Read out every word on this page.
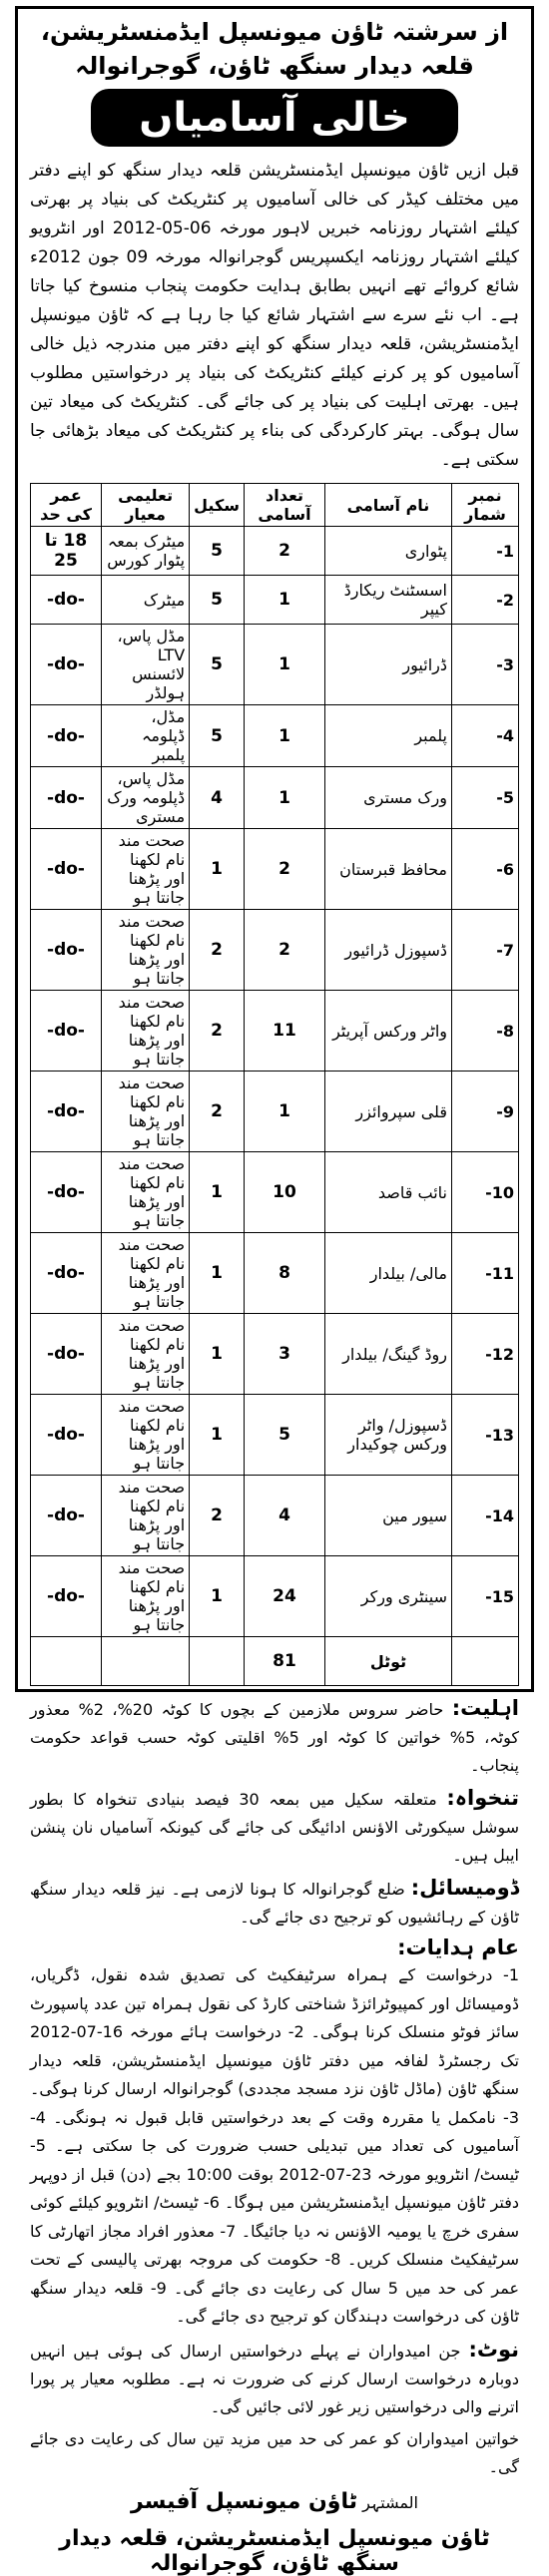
از سرشتہ ٹاؤن میونسپل ایڈمنسٹریشن، قلعہ دیدار سنگھ ٹاؤن، گوجرانوالہ
خالی آسامیاں

قبل ازیں ٹاؤن میونسپل ایڈمنسٹریشن قلعہ دیدار سنگھ کو اپنے دفتر میں مختلف کیڈر کی خالی آسامیوں پر کنٹریکٹ کی بنیاد پر بھرتی کیلئے اشتہار روزنامہ خبریں لاہور مورخہ 06-05-2012 اور انٹرویو کیلئے اشتہار روزنامہ ایکسپریس گوجرانوالہ مورخہ 09 جون 2012ء شائع کروائے تھے انہیں بطابق ہدایت حکومت پنجاب منسوخ کیا جاتا ہے۔ اب نئے سرے سے اشتہار شائع کیا جا رہا ہے کہ ٹاؤن میونسپل ایڈمنسٹریشن، قلعہ دیدار سنگھ کو اپنے دفتر میں مندرجہ ذیل خالی آسامیوں کو پر کرنے کیلئے کنٹریکٹ کی بنیاد پر درخواستیں مطلوب ہیں۔ بھرتی اہلیت کی بنیاد پر کی جائے گی۔ کنٹریکٹ کی میعاد تین سال ہوگی۔ بہتر کارکردگی کی بناء پر کنٹریکٹ کی میعاد بڑھائی جا سکتی ہے۔

نمبر شمار	نام آسامی	تعداد آسامی	سکیل	تعلیمی معیار	عمر کی حد
1-	پٹواری	2	5	میٹرک بمعہ پٹوار کورس	18 تا 25
2-	اسسٹنٹ ریکارڈ کیپر	1	5	میٹرک	-do-
3-	ڈرائیور	1	5	مڈل پاس، LTV لائسنس ہولڈر	-do-
4-	پلمبر	1	5	مڈل، ڈپلومہ پلمبر	-do-
5-	ورک مستری	1	4	مڈل پاس، ڈپلومہ ورک مستری	-do-
6-	محافظ قبرستان	2	1	صحت مند نام لکھنا اور پڑھنا جانتا ہو	-do-
7-	ڈسپوزل ڈرائیور	2	2	صحت مند نام لکھنا اور پڑھنا جانتا ہو	-do-
8-	واٹر ورکس آپریٹر	11	2	صحت مند نام لکھنا اور پڑھنا جانتا ہو	-do-
9-	قلی سپروائزر	1	2	صحت مند نام لکھنا اور پڑھنا جانتا ہو	-do-
10-	نائب قاصد	10	1	صحت مند نام لکھنا اور پڑھنا جانتا ہو	-do-
11-	مالی/ بیلدار	8	1	صحت مند نام لکھنا اور پڑھنا جانتا ہو	-do-
12-	روڈ گینگ/ بیلدار	3	1	صحت مند نام لکھنا اور پڑھنا جانتا ہو	-do-
13-	ڈسپوزل/ واٹر ورکس چوکیدار	5	1	صحت مند نام لکھنا اور پڑھنا جانتا ہو	-do-
14-	سیور مین	4	2	صحت مند نام لکھنا اور پڑھنا جانتا ہو	-do-
15-	سینٹری ورکر	24	1	صحت مند نام لکھنا اور پڑھنا جانتا ہو	-do-
	ٹوٹل	81			

اہلیت: حاضر سروس ملازمین کے بچوں کا کوٹہ 20%، 2% معذور کوٹہ، 5% خواتین کا کوٹہ اور 5% اقلیتی کوٹہ حسب قواعد حکومت پنجاب۔

تنخواہ: متعلقہ سکیل میں بمعہ 30 فیصد بنیادی تنخواہ کا بطور سوشل سیکورٹی الاؤنس ادائیگی کی جائے گی کیونکہ آسامیاں نان پنشن ایبل ہیں۔

ڈومیسائل: ضلع گوجرانوالہ کا ہونا لازمی ہے۔ نیز قلعہ دیدار سنگھ ٹاؤن کے رہائشیوں کو ترجیح دی جائے گی۔

عام ہدایات:

1- درخواست کے ہمراہ سرٹیفکیٹ کی تصدیق شدہ نقول، ڈگریاں، ڈومیسائل اور کمپیوٹرائزڈ شناختی کارڈ کی نقول ہمراہ تین عدد پاسپورٹ سائز فوٹو منسلک کرنا ہوگی۔ 2- درخواست ہائے مورخہ 16-07-2012 تک رجسٹرڈ لفافہ میں دفتر ٹاؤن میونسپل ایڈمنسٹریشن، قلعہ دیدار سنگھ ٹاؤن (ماڈل ٹاؤن نزد مسجد مجددی) گوجرانوالہ ارسال کرنا ہوگی۔ 3- نامکمل یا مقررہ وقت کے بعد درخواستیں قابل قبول نہ ہونگی۔ 4- آسامیوں کی تعداد میں تبدیلی حسب ضرورت کی جا سکتی ہے۔ 5- ٹیسٹ/ انٹرویو مورخہ 23-07-2012 بوقت 10:00 بجے (دن) قبل از دوپہر دفتر ٹاؤن میونسپل ایڈمنسٹریشن میں ہوگا۔ 6- ٹیسٹ/ انٹرویو کیلئے کوئی سفری خرچ یا یومیہ الاؤنس نہ دیا جائیگا۔ 7- معذور افراد مجاز اتھارٹی کا سرٹیفکیٹ منسلک کریں۔ 8- حکومت کی مروجہ بھرتی پالیسی کے تحت عمر کی حد میں 5 سال کی رعایت دی جائے گی۔ 9- قلعہ دیدار سنگھ ٹاؤن کی درخواست دہندگان کو ترجیح دی جائے گی۔

نوٹ: جن امیدواران نے پہلے درخواستیں ارسال کی ہوئی ہیں انہیں دوبارہ درخواست ارسال کرنے کی ضرورت نہ ہے۔ مطلوبہ معیار پر پورا اترنے والی درخواستیں زیر غور لائی جائیں گی۔

خواتین امیدواران کو عمر کی حد میں مزید تین سال کی رعایت دی جائے گی۔

المشتہر ٹاؤن میونسپل آفیسر
ٹاؤن میونسپل ایڈمنسٹریشن، قلعہ دیدار سنگھ ٹاؤن، گوجرانوالہ
